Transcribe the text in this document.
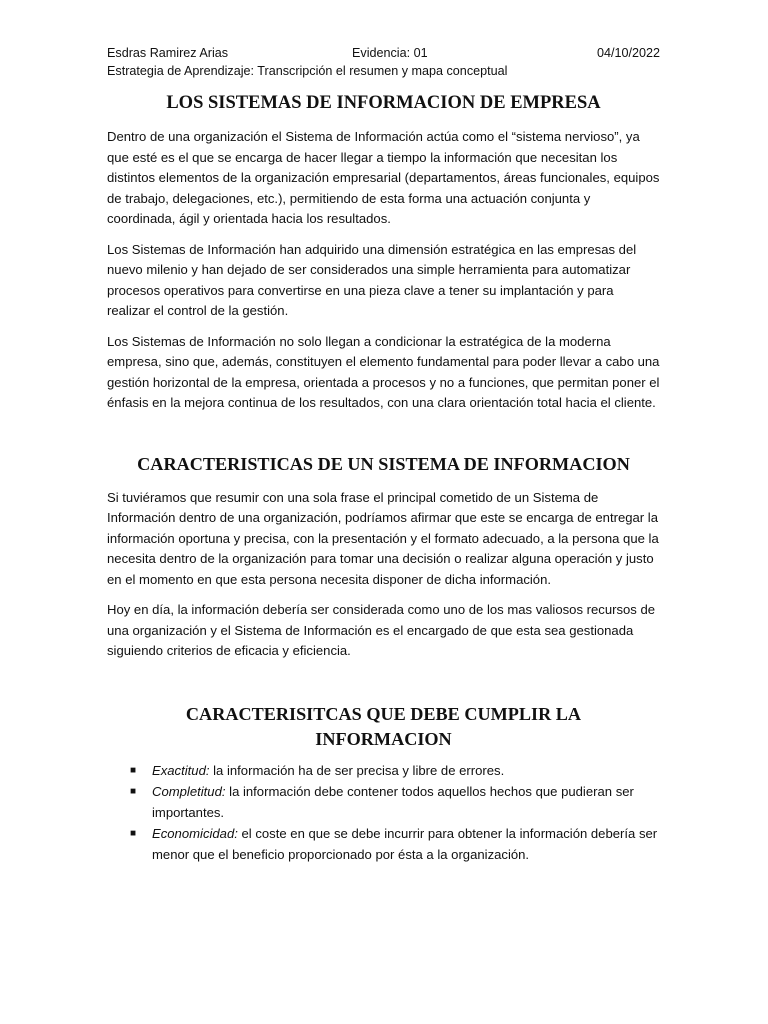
Esdras Ramirez Arias	Evidencia: 01	04/10/2022
Estrategia de Aprendizaje: Transcripción el resumen y mapa conceptual
LOS SISTEMAS DE INFORMACION DE EMPRESA

Dentro de una organización el Sistema de Información actúa como el “sistema nervioso”, ya que esté es el que se encarga de hacer llegar a tiempo la información que necesitan los distintos elementos de la organización empresarial (departamentos, áreas funcionales, equipos de trabajo, delegaciones, etc.), permitiendo de esta forma una actuación conjunta y coordinada, ágil y orientada hacia los resultados.

Los Sistemas de Información han adquirido una dimensión estratégica en las empresas del nuevo milenio y han dejado de ser considerados una simple herramienta para automatizar procesos operativos para convertirse en una pieza clave a tener su implantación y para realizar el control de la gestión.

Los Sistemas de Información no solo llegan a condicionar la estratégica de la moderna empresa, sino que, además, constituyen el elemento fundamental para poder llevar a cabo una gestión horizontal de la empresa, orientada a procesos y no a funciones, que permitan poner el énfasis en la mejora continua de los resultados, con una clara orientación total hacia el cliente.

CARACTERISTICAS DE UN SISTEMA DE INFORMACION

Si tuviéramos que resumir con una sola frase el principal cometido de un Sistema de Información dentro de una organización, podríamos afirmar que este se encarga de entregar la información oportuna y precisa, con la presentación y el formato adecuado, a la persona que la necesita dentro de la organización para tomar una decisión o realizar alguna operación y justo en el momento en que esta persona necesita disponer de dicha información.

Hoy en día, la información debería ser considerada como uno de los mas valiosos recursos de una organización y el Sistema de Información es el encargado de que esta sea gestionada siguiendo criterios de eficacia y eficiencia.

CARACTERISITCAS QUE DEBE CUMPLIR LA
INFORMACION
■ Exactitud: la información ha de ser precisa y libre de errores.
■ Completitud: la información debe contener todos aquellos hechos que pudieran ser importantes.
■ Economicidad: el coste en que se debe incurrir para obtener la información debería ser menor que el beneficio proporcionado por ésta a la organización.
